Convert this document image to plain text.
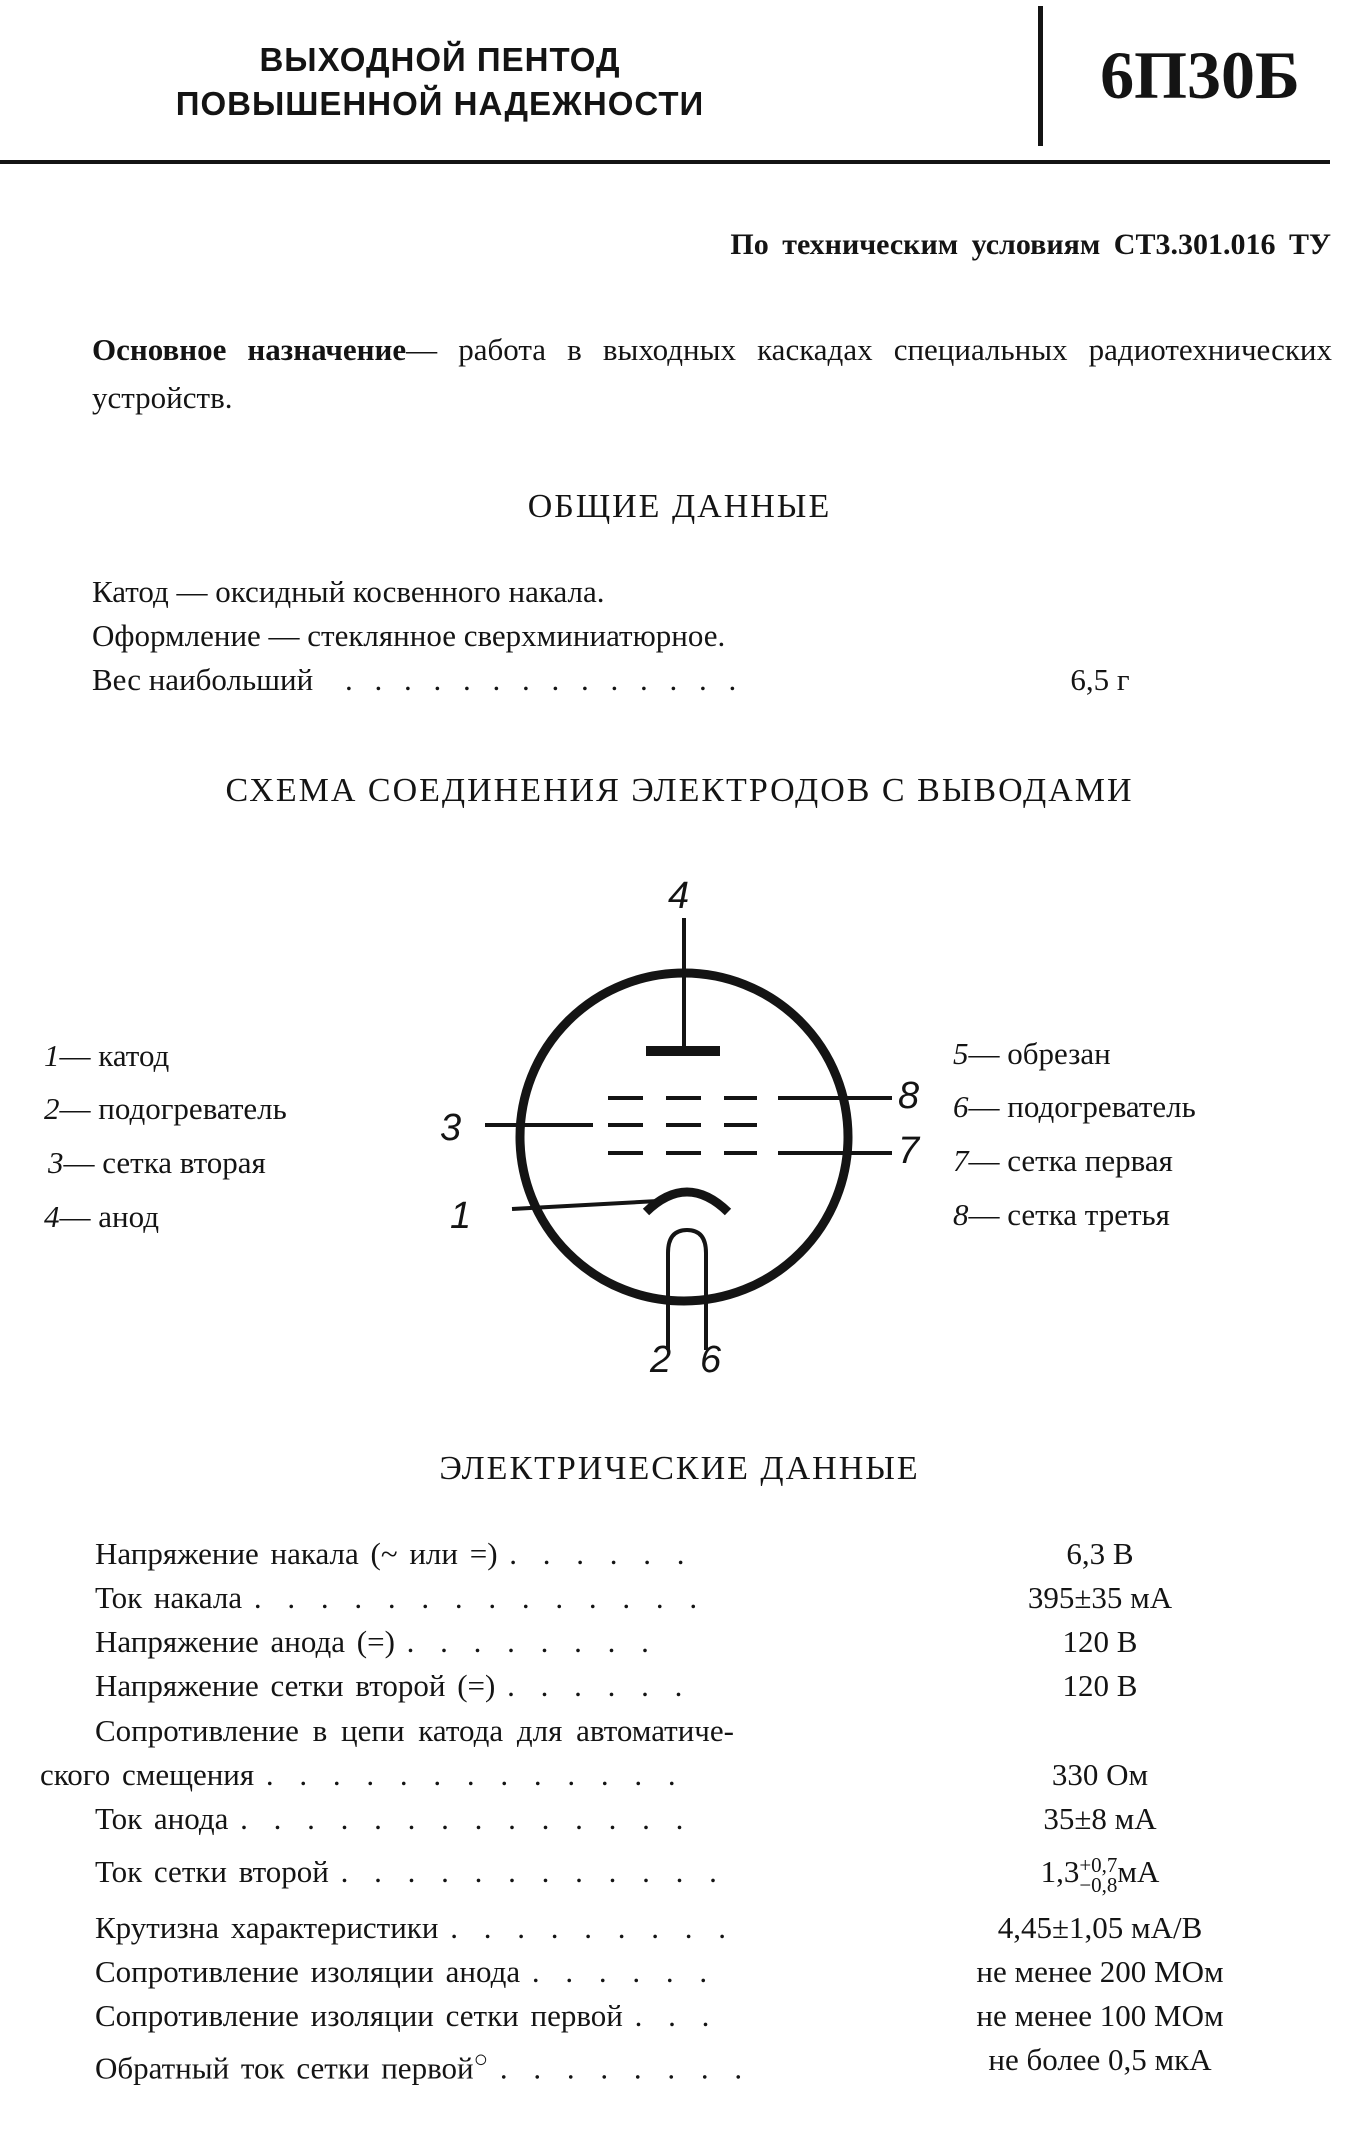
ВЫХОДНОЙ ПЕНТОД
ПОВЫШЕННОЙ НАДЕЖНОСТИ	6П30Б
По техническим условиям СТ3.301.016 ТУ
Основное назначение— работа в выходных каскадах специальных радиотехнических устройств.
ОБЩИЕ ДАННЫЕ
Катод — оксидный косвенного накала.
Оформление — стеклянное сверхминиатюрное.
Вес наибольший . . . . . . . . . . . . . .	6,5 г
СХЕМА СОЕДИНЕНИЯ ЭЛЕКТРОДОВ С ВЫВОДАМИ
1— катод
2— подогреватель
3— сетка вторая
4— анод
5— обрезан
6— подогреватель
7— сетка первая
8— сетка третья
4
3
1
8
7
2 6
ЭЛЕКТРИЧЕСКИЕ ДАННЫЕ
Напряжение накала (~ или =) . . . . . .	6,3 В
Ток накала . . . . . . . . . . . . . .	395±35 мА
Напряжение анода (=) . . . . . . . .	120 В
Напряжение сетки второй (=) . . . . . .	120 В
Сопротивление в цепи катода для автоматиче-
ского смещения . . . . . . . . . . . . .	330 Ом
Ток анода . . . . . . . . . . . . . .	35±8 мА
Ток сетки второй . . . . . . . . . . . .	1,3 +0,7
−0,8 мА
Крутизна характеристики . . . . . . . . .	4,45±1,05 мА/В
Сопротивление изоляции анода . . . . . .	не менее 200 МОм
Сопротивление изоляции сетки первой . . .	не менее 100 МОм
Обратный ток сетки первой○ . . . . . . . .	не более 0,5 мкА
